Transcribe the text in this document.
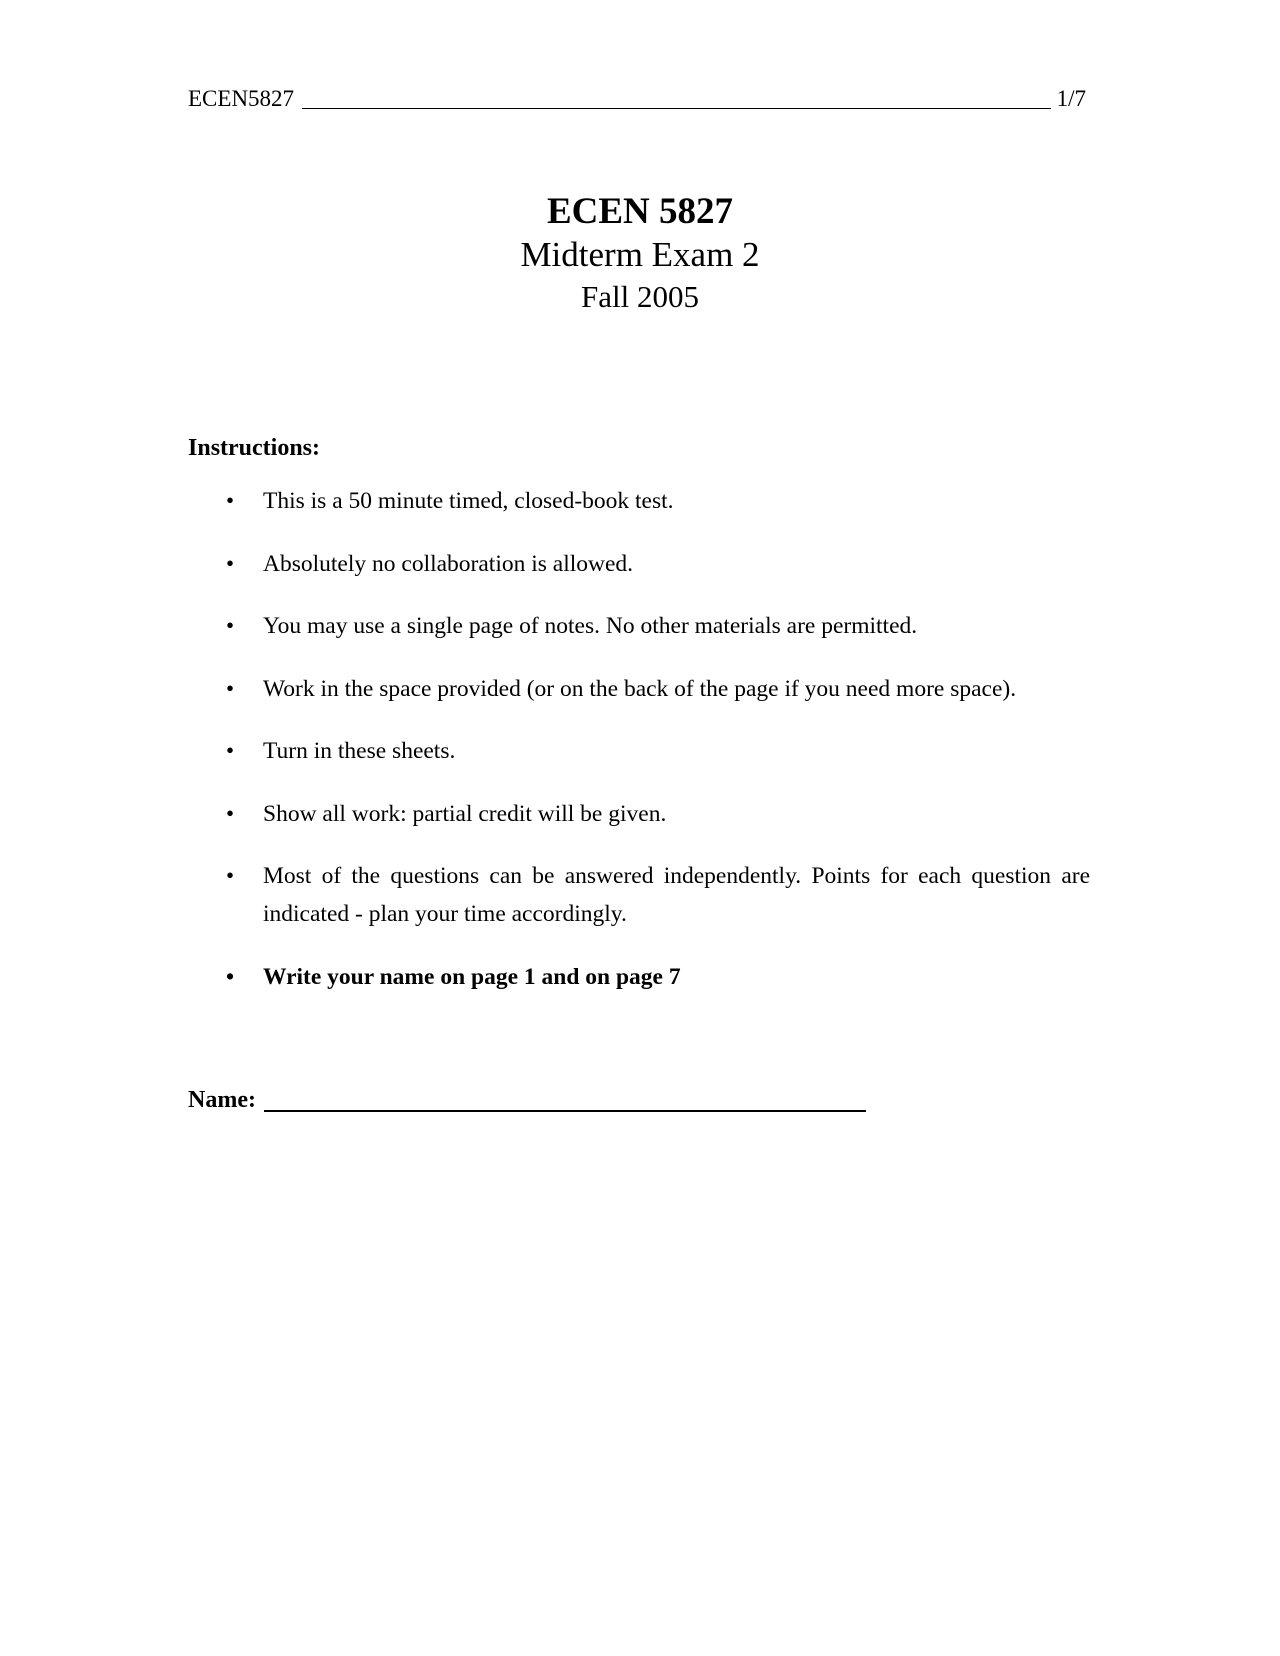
ECEN5827	1/7
ECEN 5827
Midterm Exam 2
Fall 2005
Instructions:
• This is a 50 minute timed, closed-book test.
• Absolutely no collaboration is allowed.
• You may use a single page of notes. No other materials are permitted.
• Work in the space provided (or on the back of the page if you need more space).
• Turn in these sheets.
• Show all work: partial credit will be given.
• Most of the questions can be answered independently. Points for each question are indicated - plan your time accordingly.
• Write your name on page 1 and on page 7
Name:
